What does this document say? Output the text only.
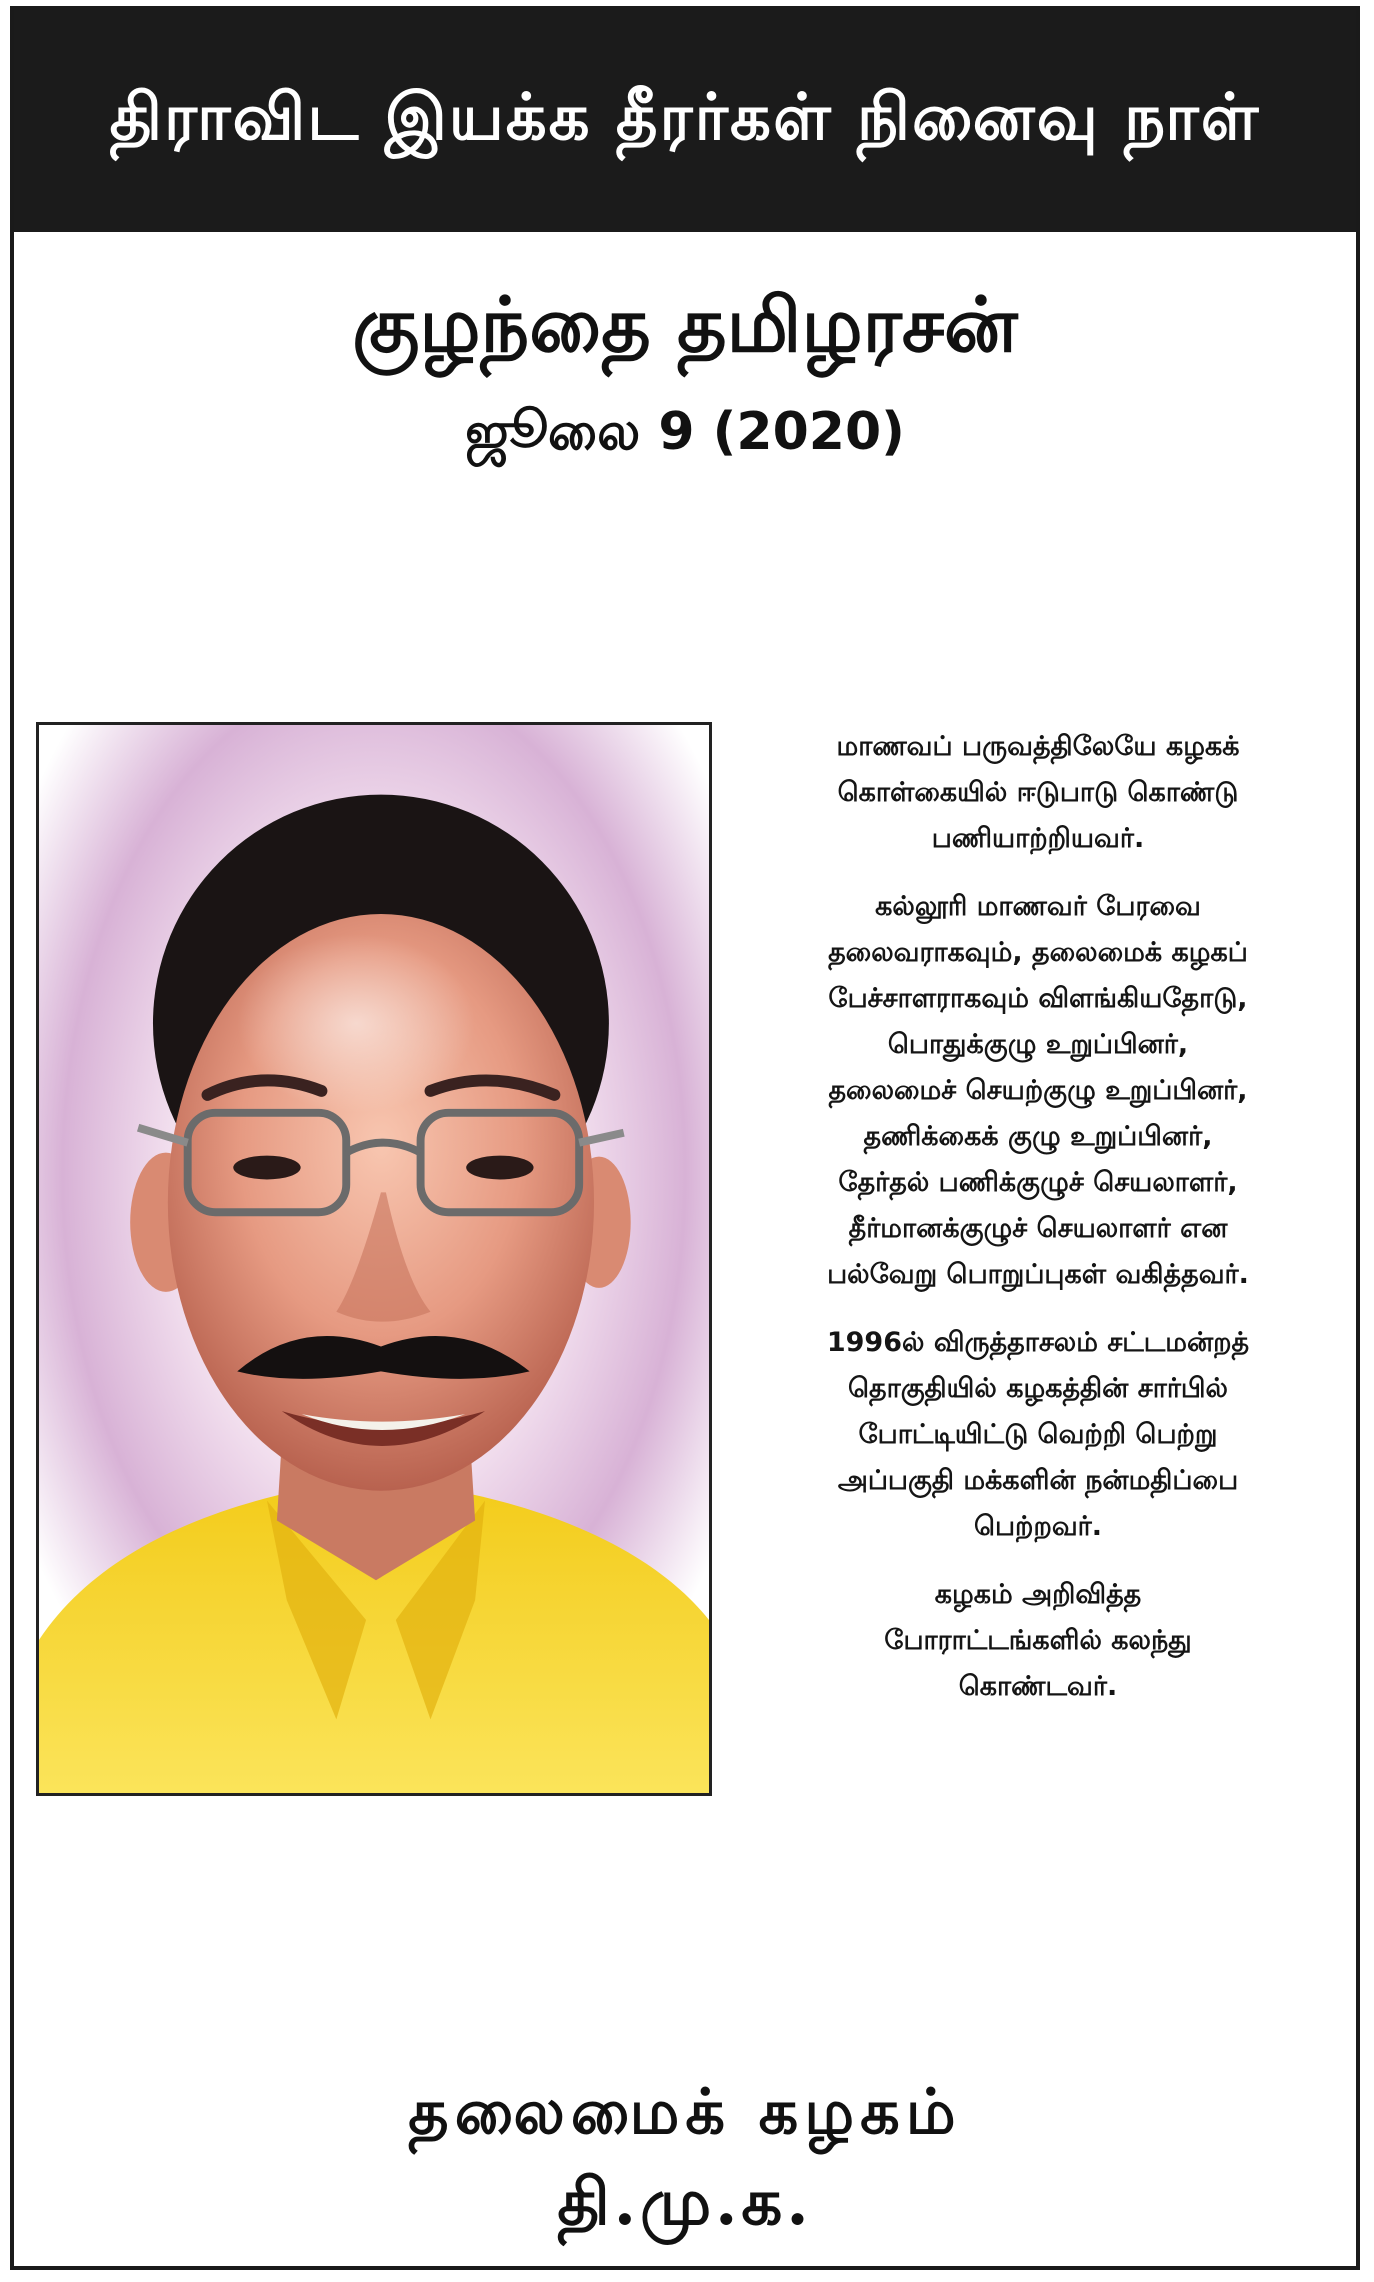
திராவிட இயக்க தீரர்கள் நினைவு நாள்
குழந்தை தமிழரசன்
ஜூலை 9 (2020)

மாணவப் பருவத்திலேயே கழகக்
கொள்கையில் ஈடுபாடு கொண்டு
பணியாற்றியவர்.

கல்லூரி மாணவர் பேரவை
தலைவராகவும், தலைமைக் கழகப்
பேச்சாளராகவும் விளங்கியதோடு,
பொதுக்குழு உறுப்பினர்,
தலைமைச் செயற்குழு உறுப்பினர்,
தணிக்கைக் குழு உறுப்பினர்,
தேர்தல் பணிக்குழுச் செயலாளர்,
தீர்மானக்குழுச் செயலாளர் என
பல்வேறு பொறுப்புகள் வகித்தவர்.

1996ல் விருத்தாசலம் சட்டமன்றத்
தொகுதியில் கழகத்தின் சார்பில்
போட்டியிட்டு வெற்றி பெற்று
அப்பகுதி மக்களின் நன்மதிப்பை
பெற்றவர்.

கழகம் அறிவித்த
போராட்டங்களில் கலந்து
கொண்டவர்.

தலைமைக் கழகம்
தி.மு.க.
